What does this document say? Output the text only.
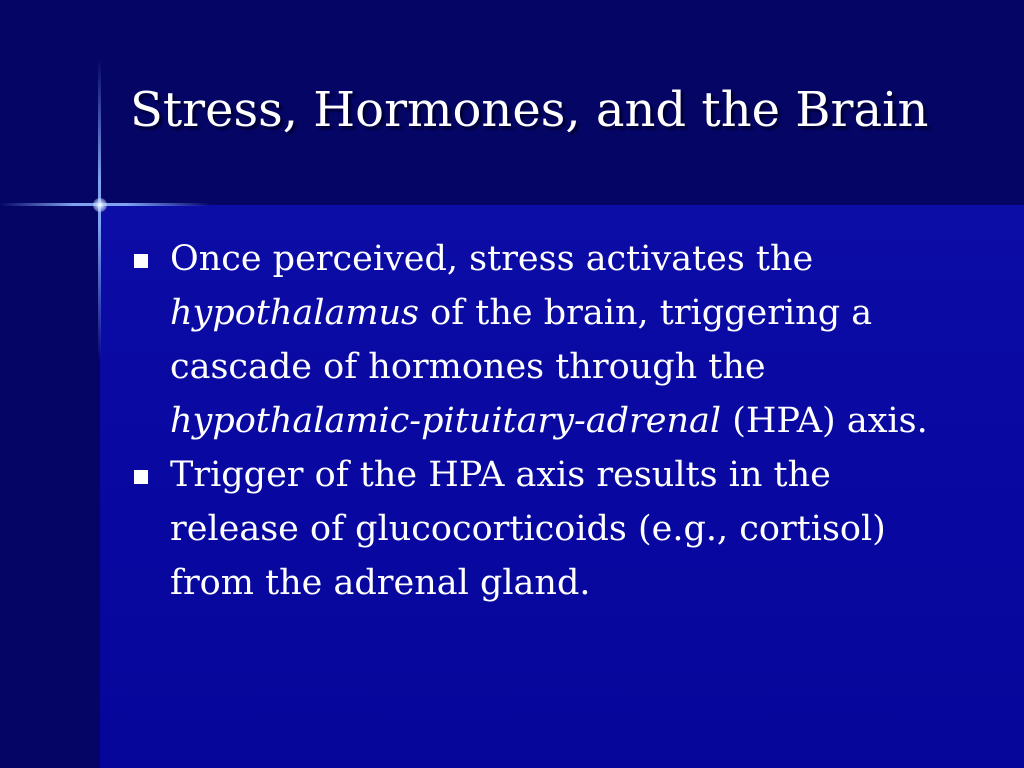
Stress, Hormones, and the Brain
Once perceived, stress activates the hypothalamus of the brain, triggering a cascade of hormones through the hypothalamic-pituitary-adrenal (HPA) axis.
Trigger of the HPA axis results in the release of glucocorticoids (e.g., cortisol) from the adrenal gland.
